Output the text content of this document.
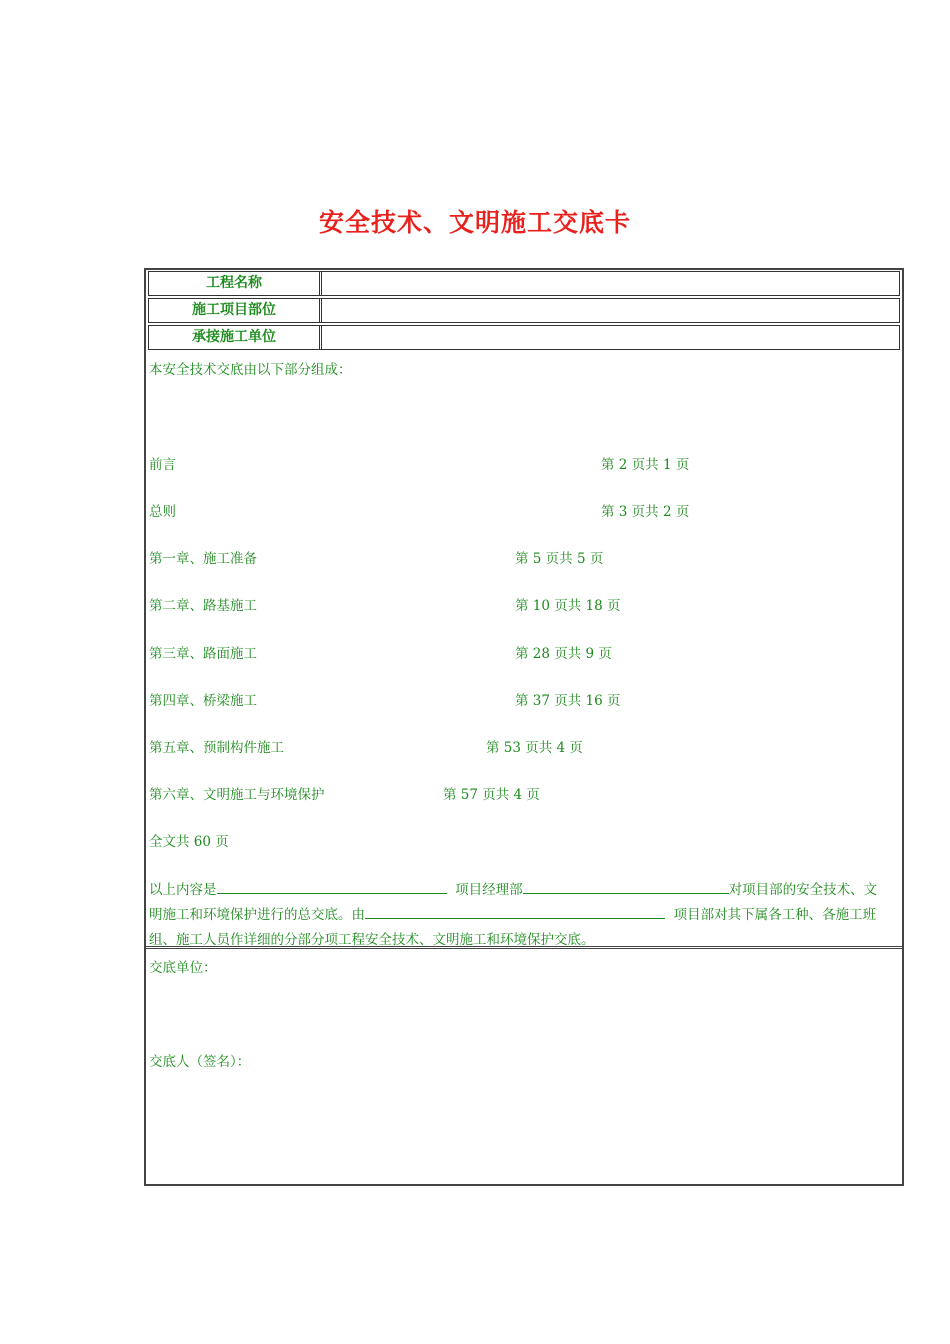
安全技术、文明施工交底卡
工程名称
施工项目部位
承接施工单位
本安全技术交底由以下部分组成：
前言	第 2 页共 1 页
总则	第 3 页共 2 页
第一章、施工准备	第 5 页共 5 页
第二章、路基施工	第 10 页共 18 页
第三章、路面施工	第 28 页共 9 页
第四章、桥梁施工	第 37 页共 16 页
第五章、预制构件施工	第 53 页共 4 页
第六章、文明施工与环境保护	第 57 页共 4 页
全文共 60 页
以上内容是	项目经理部	对项目部的安全技术、文
明施工和环境保护进行的总交底。由	项目部对其下属各工种、各施工班
组、施工人员作详细的分部分项工程安全技术、文明施工和环境保护交底。
交底单位：
交底人（签名）：
